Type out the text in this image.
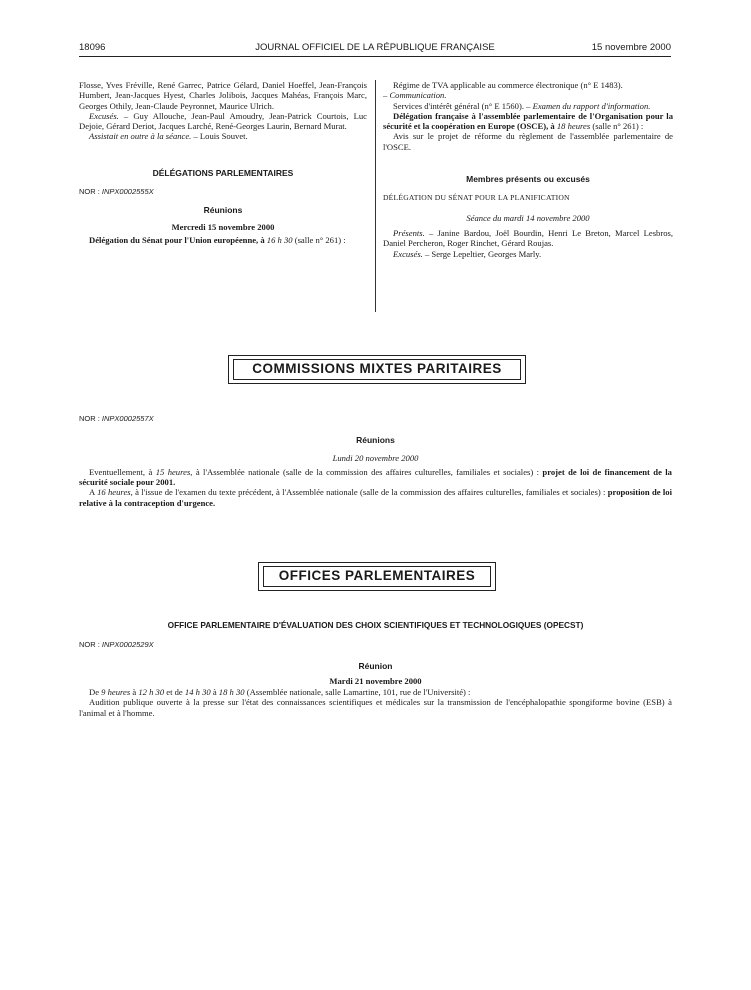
18096	JOURNAL OFFICIEL DE LA RÉPUBLIQUE FRANÇAISE	15 novembre 2000

Flosse, Yves Fréville, René Garrec, Patrice Gélard, Daniel Hoeffel, Jean-François Humbert, Jean-Jacques Hyest, Charles Jolibois, Jacques Mahéas, François Marc, Georges Othily, Jean-Claude Peyronnet, Maurice Ulrich.

Excusés. – Guy Allouche, Jean-Paul Amoudry, Jean-Patrick Courtois, Luc Dejoie, Gérard Deriot, Jacques Larché, René-Georges Laurin, Bernard Murat.

Assistait en outre à la séance. – Louis Souvet.

DÉLÉGATIONS PARLEMENTAIRES

NOR : INPX0002555X

Réunions

Mercredi 15 novembre 2000

Délégation du Sénat pour l'Union européenne, à 16 h 30 (salle n° 261) :

Régime de TVA applicable au commerce électronique (n° E 1483).

– Communication.

Services d'intérêt général (n° E 1560). – Examen du rapport d'information.

Délégation française à l'assemblée parlementaire de l'Organisation pour la sécurité et la coopération en Europe (OSCE), à 18 heures (salle n° 261) :

Avis sur le projet de réforme du règlement de l'assemblée parlementaire de l'OSCE.

Membres présents ou excusés

DÉLÉGATION DU SÉNAT POUR LA PLANIFICATION

Séance du mardi 14 novembre 2000

Présents. – Janine Bardou, Joël Bourdin, Henri Le Breton, Marcel Lesbros, Daniel Percheron, Roger Rinchet, Gérard Roujas.

Excusés. – Serge Lepeltier, Georges Marly.

COMMISSIONS MIXTES PARITAIRES

NOR : INPX0002557X

Réunions

Lundi 20 novembre 2000

Eventuellement, à 15 heures, à l'Assemblée nationale (salle de la commission des affaires culturelles, familiales et sociales) : projet de loi de financement de la sécurité sociale pour 2001.

A 16 heures, à l'issue de l'examen du texte précédent, à l'Assemblée nationale (salle de la commission des affaires culturelles, familiales et sociales) : proposition de loi relative à la contraception d'urgence.

OFFICES PARLEMENTAIRES

OFFICE PARLEMENTAIRE D'ÉVALUATION DES CHOIX SCIENTIFIQUES ET TECHNOLOGIQUES (OPECST)

NOR : INPX0002529X

Réunion

Mardi 21 novembre 2000

De 9 heures à 12 h 30 et de 14 h 30 à 18 h 30 (Assemblée nationale, salle Lamartine, 101, rue de l'Université) :

Audition publique ouverte à la presse sur l'état des connaissances scientifiques et médicales sur la transmission de l'encéphalopathie spongiforme bovine (ESB) à l'animal et à l'homme.
